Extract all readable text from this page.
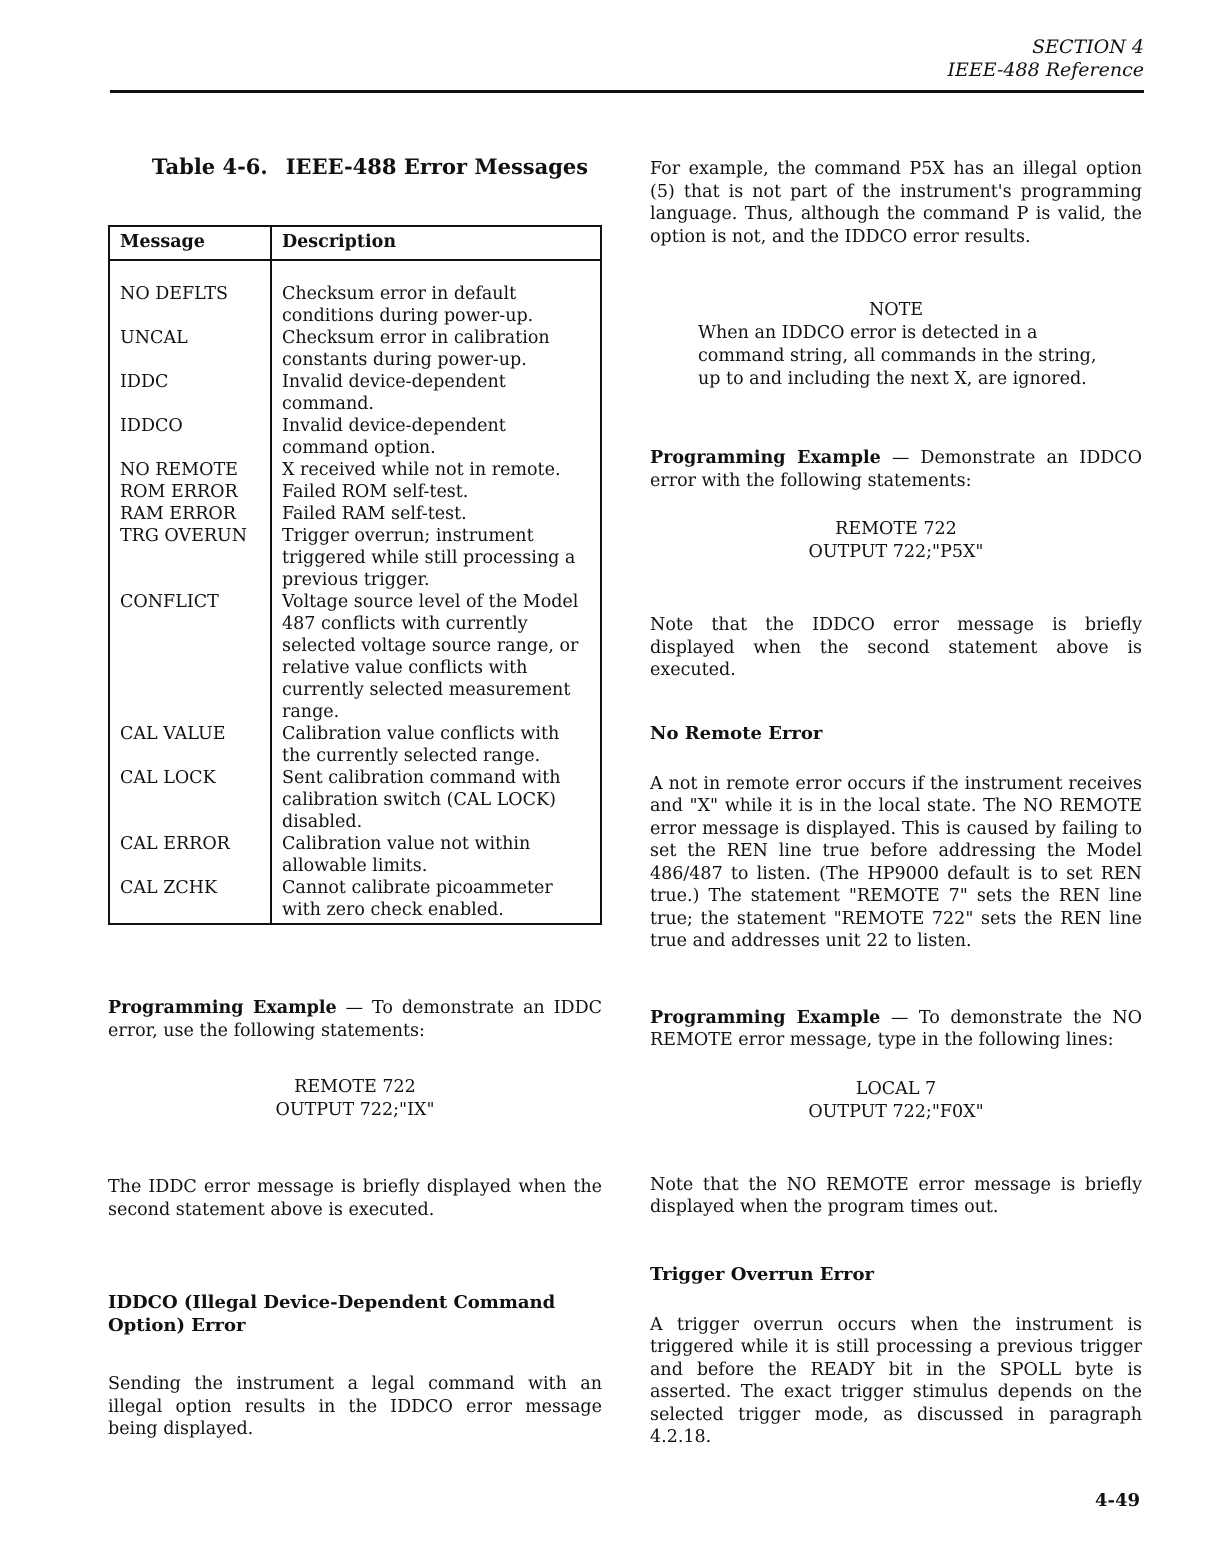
SECTION 4
IEEE-488 Reference
Table 4-6. IEEE-488 Error Messages
Message	Description
NO DEFLTS	Checksum error in default conditions during power-up.
UNCAL	Checksum error in calibration constants during power-up.
IDDC	Invalid device-dependent command.
IDDCO	Invalid device-dependent command option.
NO REMOTE	X received while not in remote.
ROM ERROR	Failed ROM self-test.
RAM ERROR	Failed RAM self-test.
TRG OVERUN	Trigger overrun; instrument triggered while still processing a previous trigger.
CONFLICT	Voltage source level of the Model 487 conflicts with currently selected voltage source range, or relative value conflicts with currently selected measurement range.
CAL VALUE	Calibration value conflicts with the currently selected range.
CAL LOCK	Sent calibration command with calibration switch (CAL LOCK) disabled.
CAL ERROR	Calibration value not within allowable limits.
CAL ZCHK	Cannot calibrate picoammeter with zero check enabled.

Programming Example — To demonstrate an IDDC error, use the following statements:

REMOTE 722
OUTPUT 722;"IX"

The IDDC error message is briefly displayed when the second statement above is executed.

IDDCO (Illegal Device-Dependent Command Option) Error

Sending the instrument a legal command with an illegal option results in the IDDCO error message being displayed.

For example, the command P5X has an illegal option (5) that is not part of the instrument's programming language. Thus, although the command P is valid, the option is not, and the IDDCO error results.

NOTE
When an IDDCO error is detected in a command string, all commands in the string, up to and including the next X, are ignored.

Programming Example — Demonstrate an IDDCO error with the following statements:

REMOTE 722
OUTPUT 722;"P5X"

Note that the IDDCO error message is briefly displayed when the second statement above is executed.

No Remote Error

A not in remote error occurs if the instrument receives and "X" while it is in the local state. The NO REMOTE error message is displayed. This is caused by failing to set the REN line true before addressing the Model 486/487 to listen. (The HP9000 default is to set REN true.) The statement "REMOTE 7" sets the REN line true; the statement "REMOTE 722" sets the REN line true and addresses unit 22 to listen.

Programming Example — To demonstrate the NO REMOTE error message, type in the following lines:

LOCAL 7
OUTPUT 722;"F0X"

Note that the NO REMOTE error message is briefly displayed when the program times out.

Trigger Overrun Error

A trigger overrun occurs when the instrument is triggered while it is still processing a previous trigger and before the READY bit in the SPOLL byte is asserted. The exact trigger stimulus depends on the selected trigger mode, as discussed in paragraph 4.2.18.

4-49
